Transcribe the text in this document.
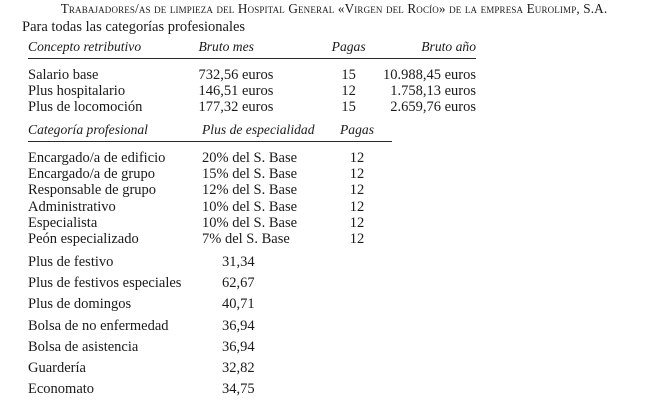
Trabajadores/as de limpieza del Hospital General «Virgen del Rocío» de la empresa Eurolimp, S.A.
Para todas las categorías profesionales
Concepto retributivo	Bruto mes	Pagas	Bruto año
Salario base	732,56 euros	15	10.988,45 euros
Plus hospitalario	146,51 euros	12	1.758,13 euros
Plus de locomoción	177,32 euros	15	2.659,76 euros
Categoría profesional	Plus de especialidad	Pagas
Encargado/a de edificio	20% del S. Base	12
Encargado/a de grupo	15% del S. Base	12
Responsable de grupo	12% del S. Base	12
Administrativo	10% del S. Base	12
Especialista	10% del S. Base	12
Peón especializado	7% del S. Base	12
Plus de festivo	31,34
Plus de festivos especiales	62,67
Plus de domingos	40,71
Bolsa de no enfermedad	36,94
Bolsa de asistencia	36,94
Guardería	32,82
Economato	34,75
